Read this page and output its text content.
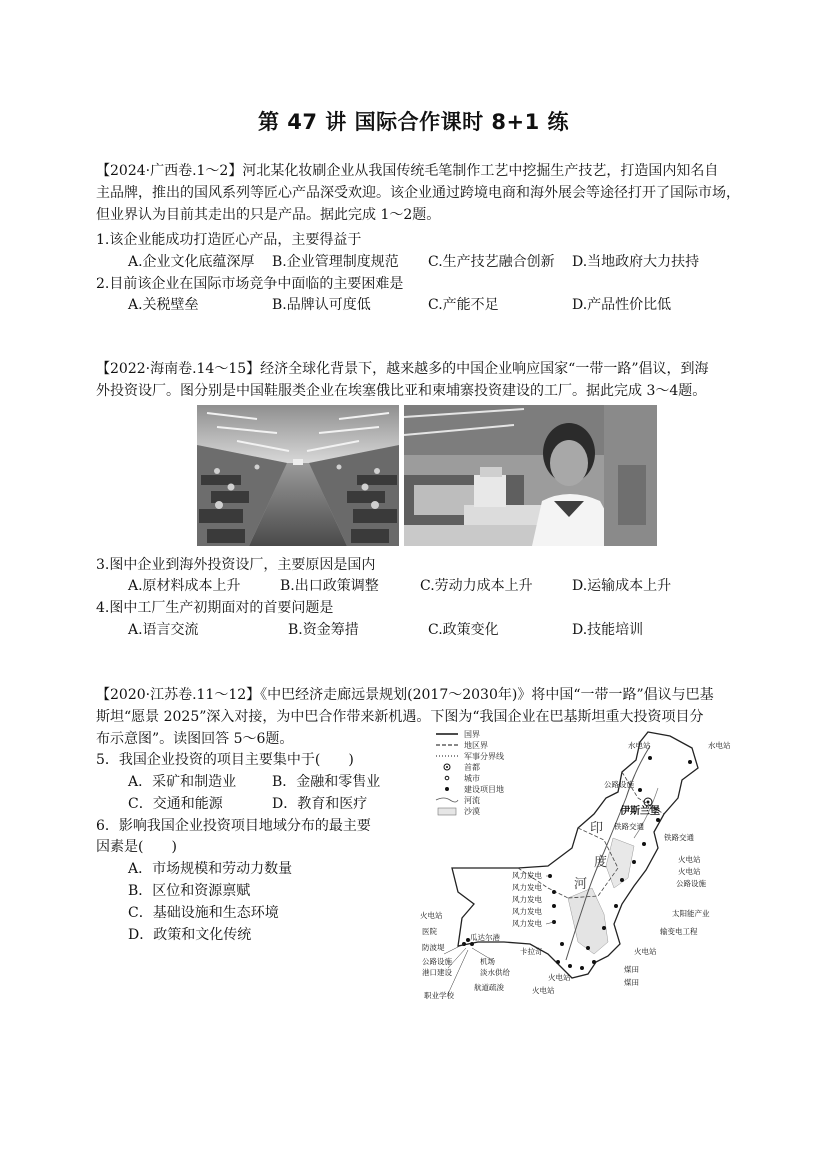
第 47 讲 国际合作课时 8+1 练
【2024·广西卷.1～2】河北某化妆刷企业从我国传统毛笔制作工艺中挖掘生产技艺，打造国内知名自
主品牌，推出的国风系列等匠心产品深受欢迎。该企业通过跨境电商和海外展会等途径打开了国际市场，
但业界认为目前其走出的只是产品。据此完成 1～2题。
1.该企业能成功打造匠心产品，主要得益于
A.企业文化底蕴深厚 B.企业管理制度规范 C.生产技艺融合创新 D.当地政府大力扶持
2.目前该企业在国际市场竞争中面临的主要困难是
A.关税壁垒	B.品牌认可度低	C.产能不足	D.产品性价比低
【2022·海南卷.14～15】经济全球化背景下，越来越多的中国企业响应国家“一带一路”倡议，到海
外投资设厂。图分别是中国鞋服类企业在埃塞俄比亚和柬埔寨投资建设的工厂。据此完成 3～4题。
3.图中企业到海外投资设厂，主要原因是国内
A.原材料成本上升	B.出口政策调整	C.劳动力成本上升	D.运输成本上升
4.图中工厂生产初期面对的首要问题是
A.语言交流	B.资金筹措	C.政策变化	D.技能培训
【2020·江苏卷.11～12】《中巴经济走廊远景规划(2017～2030年)》将中国“一带一路”倡议与巴基
斯坦“愿景 2025”深入对接，为中巴合作带来新机遇。下图为“我国企业在巴基斯坦重大投资项目分
布示意图”。读图回答 5～6题。
5．我国企业投资的项目主要集中于(　　)
A．采矿和制造业	B．金融和零售业
C．交通和能源	D．教育和医疗
6．影响我国企业投资项目地域分布的最主要
因素是(　　)
A．市场规模和劳动力数量
B．区位和资源禀赋
C．基础设施和生态环境
D．政策和文化传统
国界
地区界
军事分界线
首都
城市
建设项目地
河流
沙漠	伊斯兰堡
印
度
河
水电站	水电站
公路设施
铁路交通
铁路交通
火电站
火电站
公路设施
太阳能产业
输变电工程
火电站
煤田
煤田
风力发电
风力发电
风力发电
风力发电
风力发电
火电站
医院
防波堤
瓜达尔港
公路设施
港口建设
职业学校
机场
淡水供给
航道疏浚
卡拉奇
火电站
火电站
